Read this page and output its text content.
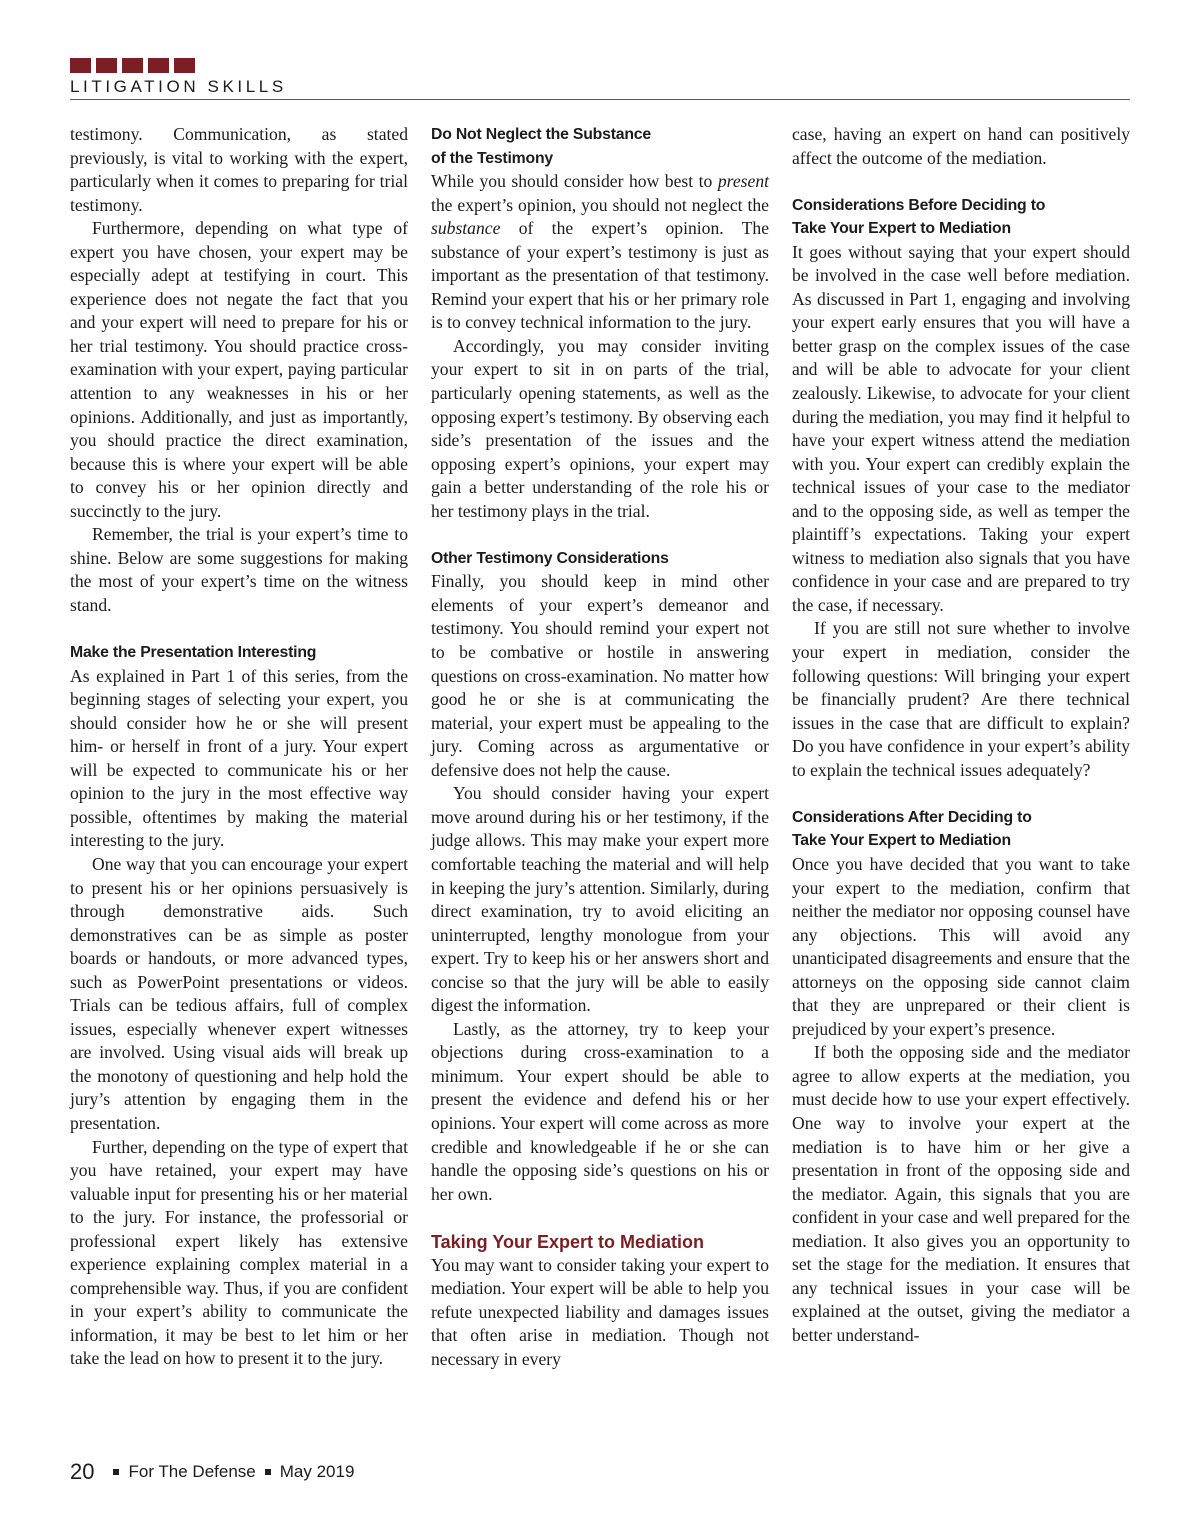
LITIGATION SKILLS

testimony. Communication, as stated previously, is vital to working with the expert, particularly when it comes to preparing for trial testimony.

Furthermore, depending on what type of expert you have chosen, your expert may be especially adept at testifying in court. This experience does not negate the fact that you and your expert will need to prepare for his or her trial testimony. You should practice cross-examination with your expert, paying particular attention to any weaknesses in his or her opinions. Additionally, and just as importantly, you should practice the direct examination, because this is where your expert will be able to convey his or her opinion directly and succinctly to the jury.

Remember, the trial is your expert’s time to shine. Below are some suggestions for making the most of your expert’s time on the witness stand.

Make the Presentation Interesting

As explained in Part 1 of this series, from the beginning stages of selecting your expert, you should consider how he or she will present him- or herself in front of a jury. Your expert will be expected to communicate his or her opinion to the jury in the most effective way possible, oftentimes by making the material interesting to the jury.

One way that you can encourage your expert to present his or her opinions persuasively is through demonstrative aids. Such demonstratives can be as simple as poster boards or handouts, or more advanced types, such as PowerPoint presentations or videos. Trials can be tedious affairs, full of complex issues, especially whenever expert witnesses are involved. Using visual aids will break up the monotony of questioning and help hold the jury’s attention by engaging them in the presentation.

Further, depending on the type of expert that you have retained, your expert may have valuable input for presenting his or her material to the jury. For instance, the professorial or professional expert likely has extensive experience explaining complex material in a comprehensible way. Thus, if you are confident in your expert’s ability to communicate the information, it may be best to let him or her take the lead on how to present it to the jury.

Do Not Neglect the Substance
of the Testimony

While you should consider how best to present the expert’s opinion, you should not neglect the substance of the expert’s opinion. The substance of your expert’s testimony is just as important as the presentation of that testimony. Remind your expert that his or her primary role is to convey technical information to the jury.

Accordingly, you may consider inviting your expert to sit in on parts of the trial, particularly opening statements, as well as the opposing expert’s testimony. By observing each side’s presentation of the issues and the opposing expert’s opinions, your expert may gain a better understanding of the role his or her testimony plays in the trial.

Other Testimony Considerations

Finally, you should keep in mind other elements of your expert’s demeanor and testimony. You should remind your expert not to be combative or hostile in answering questions on cross-examination. No matter how good he or she is at communicating the material, your expert must be appealing to the jury. Coming across as argumentative or defensive does not help the cause.

You should consider having your expert move around during his or her testimony, if the judge allows. This may make your expert more comfortable teaching the material and will help in keeping the jury’s attention. Similarly, during direct examination, try to avoid eliciting an uninterrupted, lengthy monologue from your expert. Try to keep his or her answers short and concise so that the jury will be able to easily digest the information.

Lastly, as the attorney, try to keep your objections during cross-examination to a minimum. Your expert should be able to present the evidence and defend his or her opinions. Your expert will come across as more credible and knowledgeable if he or she can handle the opposing side’s questions on his or her own.

Taking Your Expert to Mediation

You may want to consider taking your expert to mediation. Your expert will be able to help you refute unexpected liability and damages issues that often arise in mediation. Though not necessary in every

case, having an expert on hand can positively affect the outcome of the mediation.

Considerations Before Deciding to
Take Your Expert to Mediation

It goes without saying that your expert should be involved in the case well before mediation. As discussed in Part 1, engaging and involving your expert early ensures that you will have a better grasp on the complex issues of the case and will be able to advocate for your client zealously. Likewise, to advocate for your client during the mediation, you may find it helpful to have your expert witness attend the mediation with you. Your expert can credibly explain the technical issues of your case to the mediator and to the opposing side, as well as temper the plaintiff’s expectations. Taking your expert witness to mediation also signals that you have confidence in your case and are prepared to try the case, if necessary.

If you are still not sure whether to involve your expert in mediation, consider the following questions: Will bringing your expert be financially prudent? Are there technical issues in the case that are difficult to explain? Do you have confidence in your expert’s ability to explain the technical issues adequately?

Considerations After Deciding to
Take Your Expert to Mediation

Once you have decided that you want to take your expert to the mediation, confirm that neither the mediator nor opposing counsel have any objections. This will avoid any unanticipated disagreements and ensure that the attorneys on the opposing side cannot claim that they are unprepared or their client is prejudiced by your expert’s presence.

If both the opposing side and the mediator agree to allow experts at the mediation, you must decide how to use your expert effectively. One way to involve your expert at the mediation is to have him or her give a presentation in front of the opposing side and the mediator. Again, this signals that you are confident in your case and well prepared for the mediation. It also gives you an opportunity to set the stage for the mediation. It ensures that any technical issues in your case will be explained at the outset, giving the mediator a better understand-

20 For The Defense May 2019
